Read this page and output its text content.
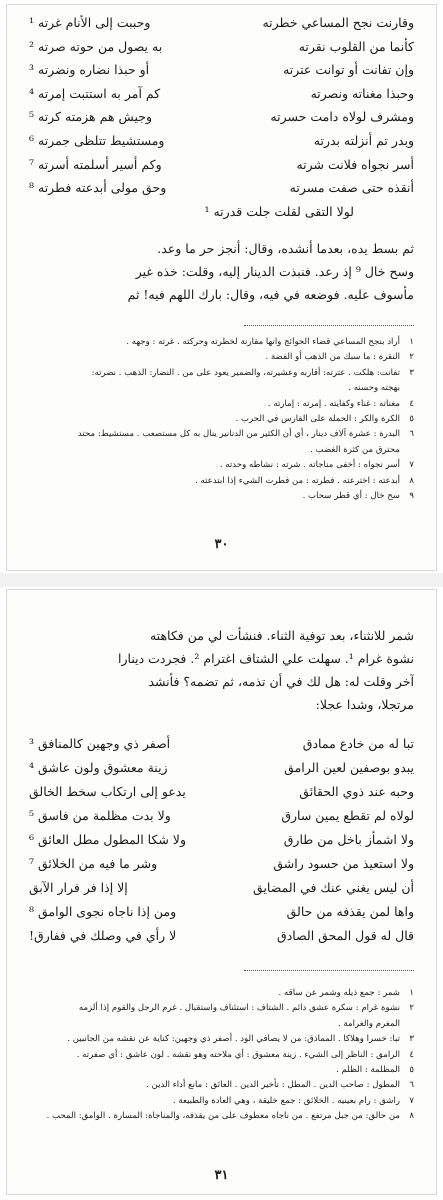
وقارنت نجح المساعي خطرته
وحببت إلى الأنام غرته ¹
كأنما من القلوب نقرته
به يصول من حوته صرته ²
وإن تفانت أو توانت عترته
أو حبذا نضاره ونضرته ³
وحبذا مغناته ونصرته
كم آمر به استتبت إمرته ⁴
ومشرف لولاه دامت حسرته
وجيش هم هزمته كرته ⁵
وبدر تم أنزلته بدرته
ومستشيط تتلظى جمرته ⁶
أسر نجواه فلانت شرته
وكم أسير أسلمته أسرته ⁷
أنقذه حتى صفت مسرته
وحق مولى أبدعته فطرته ⁸
لولا التقى لقلت جلت قدرته ¹
ثم بسط يده، بعدما أنشده، وقال: أنجز حر ما وعد.
وسح خال ⁹ إذ رعد. فنبذت الدينار إليه، وقلت: خذه غير
مأسوف عليه. فوضعه في فيه، وقال: بارك اللهم فيه! ثم
١
أراد بنجح المساعي قضاء الحوائج وانها مقارنة لخطرته وحركته . غرته : وجهه .
٢
النقرة : ما سبك من الذهب أو الفضة .
٣
تفانت: هلكت . عترته: أقاربه وعشيرته، والضمير يعود على من . النضار: الذهب . نضرته:
بهجته وحسنه .
٤
مغناته : غناء وكفايته . إمرته : إمارته .
٥
الكرة والكر : الحملة على الفارس في الحرب .
٦
البدرة : عشرة آلاف دينار ، أي أن الكثير من الدنانير ينال به كل مستصعب . مستشيط: محتد
محترق من كثرة الغضب .
٧
أسر نجواه : أخفى مناجاته . شرته : نشاطه وحدته .
٨
أبدعته : اخترعته . فطرته : من فطرت الشيء إذا ابتدعته .
٩
سح خال : أي قطر سحاب .
٣٠
شمر للانثناء، بعد توفية الثناء. فنشأت لي من فكاهته
نشوة غرام ¹. سهلت علي الشتاف اغترام ². فجردت دينارا
آخر وقلت له: هل لك في أن تذمه، ثم تضمه؟ فأنشد
مرتجلا، وشدا عجلا:
تبا له من خادع ممادق
أصفر ذي وجهين كالمنافق ³
يبدو بوصفين لعين الرامق
زينة معشوق ولون عاشق ⁴
وحبه عند ذوي الحقائق
يدعو إلى ارتكاب سخط الخالق
لولاه لم تقطع يمين سارق
ولا بدت مظلمة من فاسق ⁵
ولا اشمأز باخل من طارق
ولا شكا المطول مطل العائق ⁶
ولا استعيذ من حسود راشق
وشر ما فيه من الخلائق ⁷
أن ليس يغني عنك في المضايق
إلا إذا فر فرار الآبق
واها لمن يقذفه من حالق
ومن إذا ناجاه نجوى الوامق ⁸
قال له قول المحق الصادق
لا رأي في وصلك في ففارق!
١
شمر : جمع ذيله وشمر عن ساقه .
٢
نشوة غرام : سكرة عشق دائم . الشتاف : استئناف واستقبال . غرم الرجل والقوم إذا ألزمه
المغرم والغرامة .
٣
تبا: خسرا وهلاكا . المماذق: من لا يصافي الود . أصفر ذي وجهين: كناية عن نقشه من الجانبين .
٤
الرامق : الناظر إلى الشيء . زينة معشوق : أي ملاحته وهو نقشه . لون عاشق : أي صفرته .
٥
المظلمة : الظلم .
٦
المطول : صاحب الدين . المطل : تأخير الدين . العائق : مانع أداء الدين .
٧
راشق : رام بعينيه . الخلائق : جمع خليقة ، وهي العادة والطبيعة .
٨
من حالق: من جبل مرتفع . من ناجاه معطوف على من يقذفه، والمناجاة: المسارة . الوامق: المحب .
٣١
